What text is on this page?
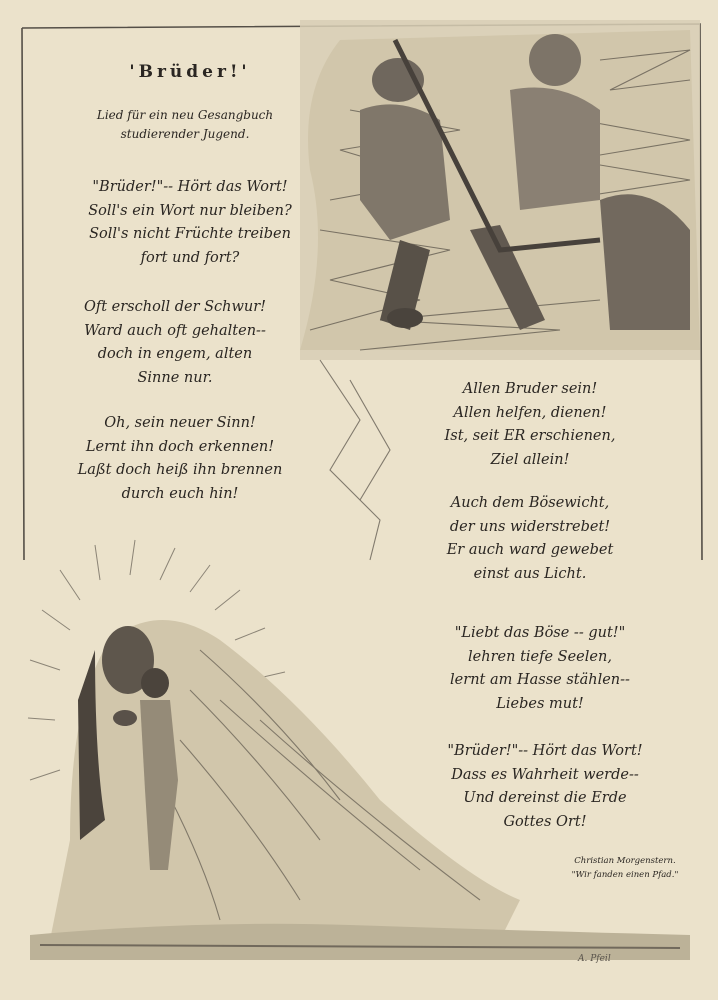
'Brüder!'
Lied für ein neu Gesangbuch
studierender Jugend.
"Brüder!"-- Hört das Wort!
Soll's ein Wort nur bleiben?
Soll's nicht Früchte treiben
fort und fort?
Oft erscholl der Schwur!
Ward auch oft gehalten--
doch in engem, alten
Sinne nur.
Oh, sein neuer Sinn!
Lernt ihn doch erkennen!
Laßt doch heiß ihn brennen
durch euch hin!
Allen Bruder sein!
Allen helfen, dienen!
Ist, seit ER erschienen,
Ziel allein!
Auch dem Bösewicht,
der uns widerstrebet!
Er auch ward gewebet
einst aus Licht.
"Liebt das Böse -- gut!"
lehren tiefe Seelen,
lernt am Hasse stählen--
Liebes mut!
"Brüder!"-- Hört das Wort!
Dass es Wahrheit werde--
Und dereinst die Erde
Gottes Ort!
Christian Morgenstern.
"Wir fanden einen Pfad."
A. Pfeil
